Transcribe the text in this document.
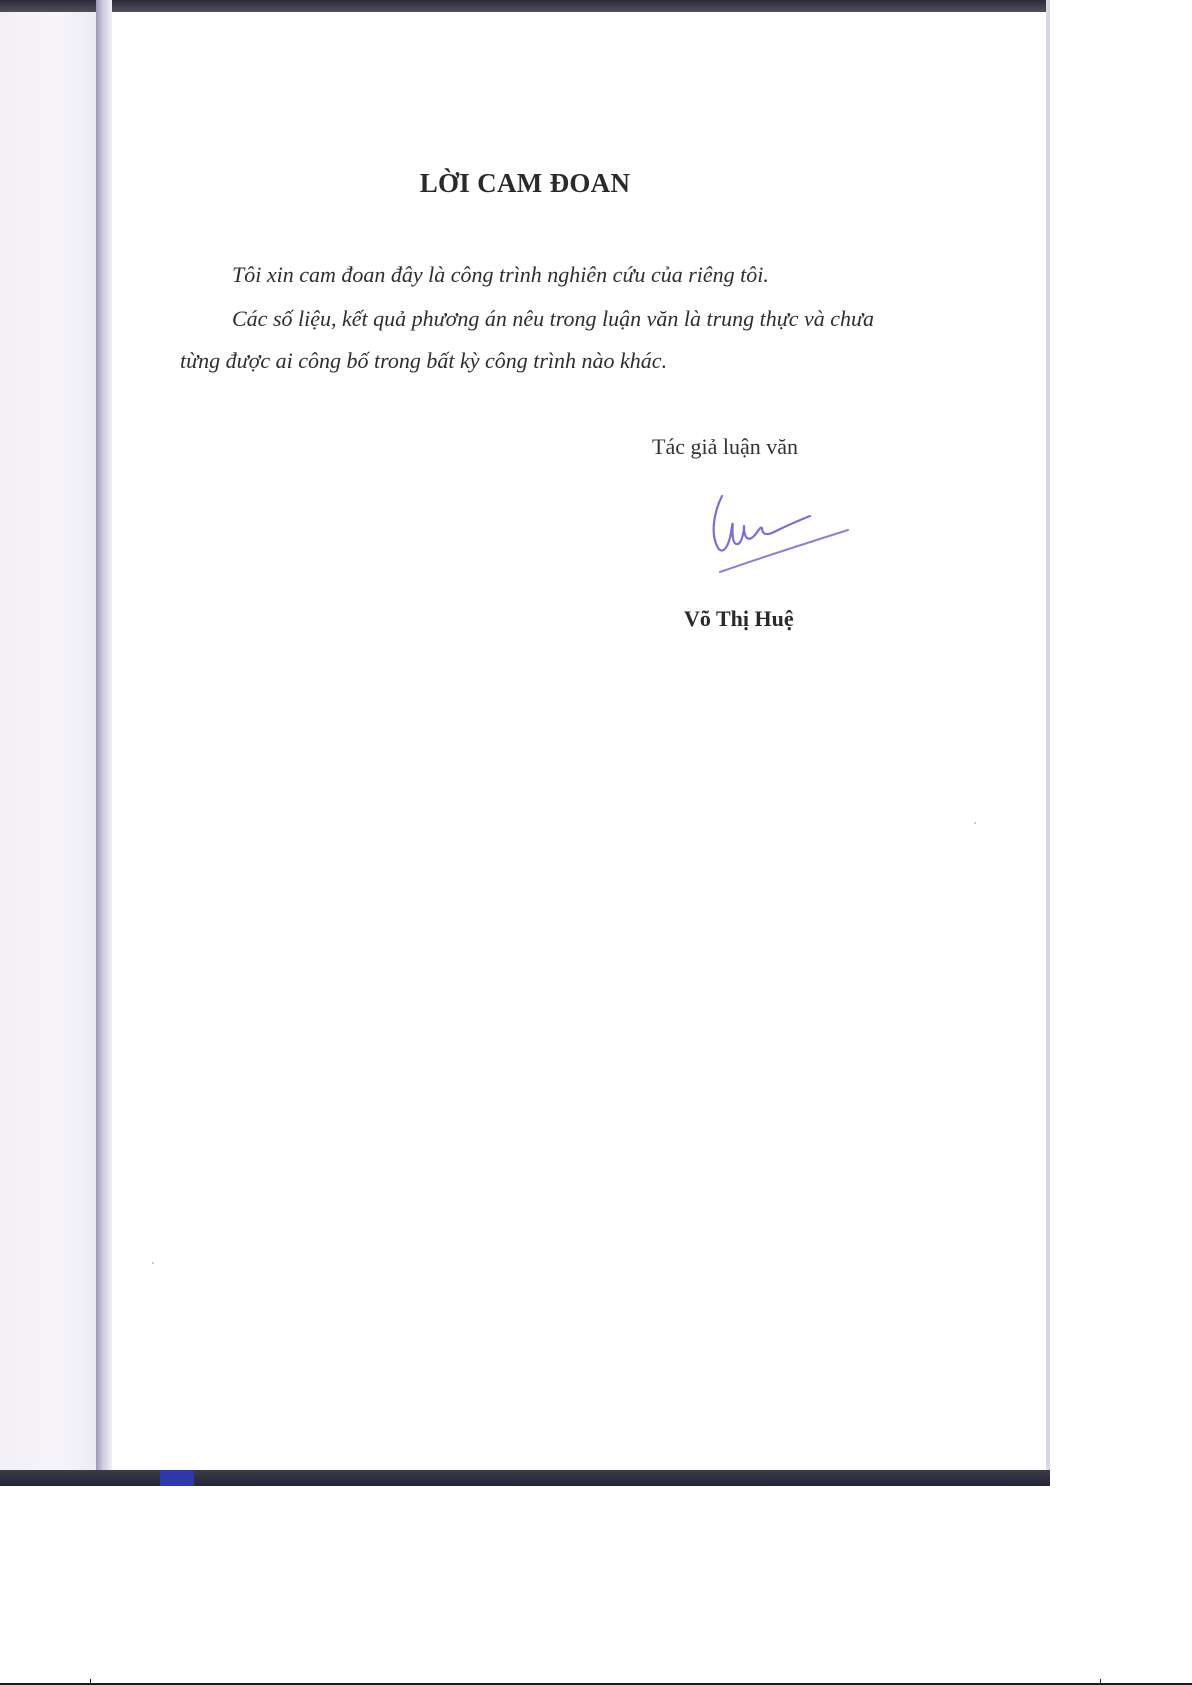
LỜI CAM ĐOAN
Tôi xin cam đoan đây là công trình nghiên cứu của riêng tôi.
Các số liệu, kết quả phương án nêu trong luận văn là trung thực và chưa
từng được ai công bố trong bất kỳ công trình nào khác.
Tác giả luận văn
Võ Thị Huệ
